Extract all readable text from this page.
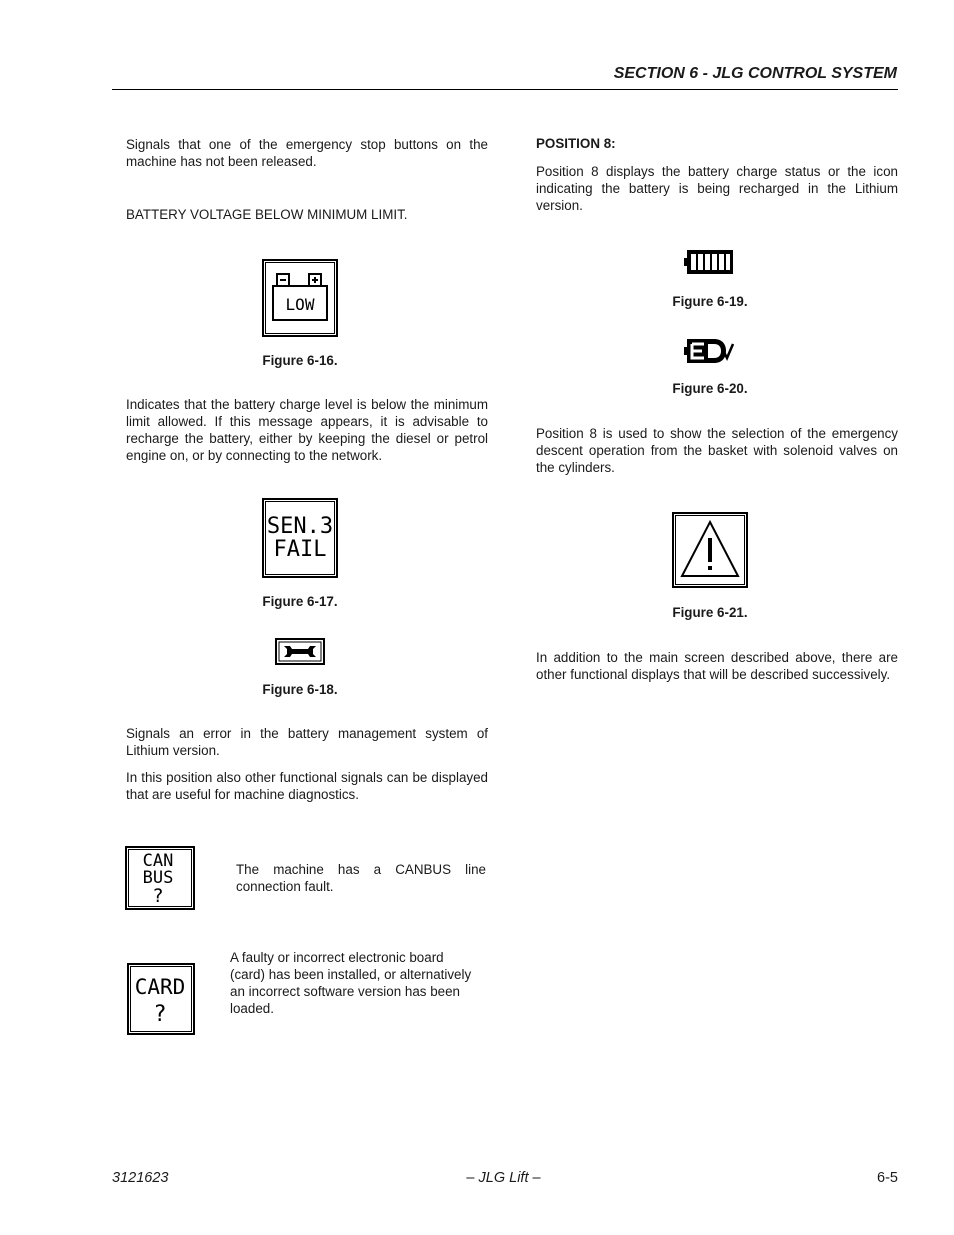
SECTION 6 - JLG CONTROL SYSTEM
Signals that one of the emergency stop buttons on the machine has not been released.
BATTERY VOLTAGE BELOW MINIMUM LIMIT.
LOW
Figure 6-16.
Indicates that the battery charge level is below the minimum limit allowed. If this message appears, it is advisable to recharge the battery, either by keeping the diesel or petrol engine on, or by connecting to the network.
SEN.3
FAIL
Figure 6-17.
Figure 6-18.
Signals an error in the battery management system of Lithium version.
In this position also other functional signals can be displayed that are useful for machine diagnostics.
CAN
BUS
?
The machine has a CANBUS line connection fault.
CARD
?
A faulty or incorrect electronic board (card) has been installed, or alternatively an incorrect software version has been loaded.
POSITION 8:
Position 8 displays the battery charge status or the icon indicating the battery is being recharged in the Lithium version.
Figure 6-19.
Figure 6-20.
Position 8 is used to show the selection of the emergency descent operation from the basket with solenoid valves on the cylinders.
Figure 6-21.
In addition to the main screen described above, there are other functional displays that will be described successively.
3121623	– JLG Lift –	6-5
